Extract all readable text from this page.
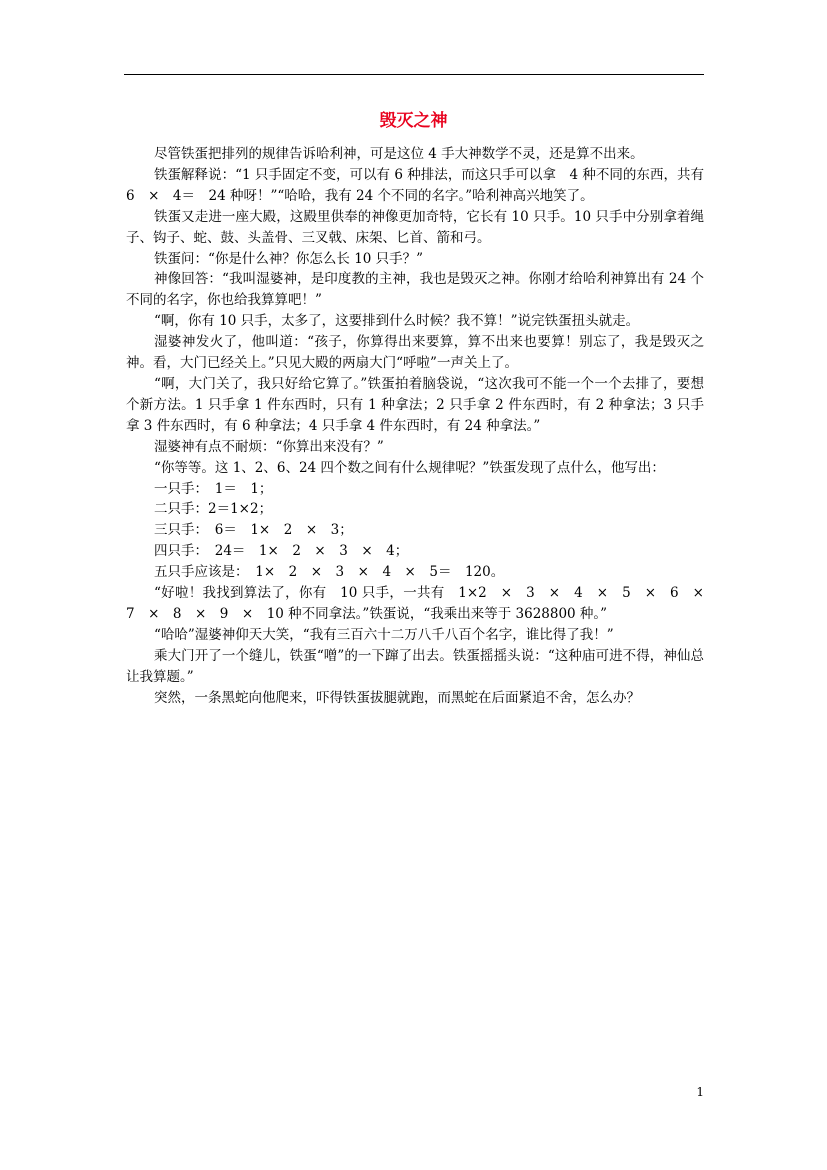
毁灭之神

尽管铁蛋把排列的规律告诉哈利神，可是这位 4 手大神数学不灵，还是算不出来。

铁蛋解释说：“1 只手固定不变，可以有 6 种排法，而这只手可以拿　4 种不同的东西，共有　6　×　4＝　24 种呀！”“哈哈，我有 24 个不同的名字。”哈利神高兴地笑了。

铁蛋又走进一座大殿，这殿里供奉的神像更加奇特，它长有 10 只手。10 只手中分别拿着绳子、钩子、蛇、鼓、头盖骨、三叉戟、床架、匕首、箭和弓。

铁蛋问：“你是什么神？你怎么长 10 只手？”

神像回答：“我叫湿婆神，是印度教的主神，我也是毁灭之神。你刚才给哈利神算出有 24 个不同的名字，你也给我算算吧！”

“啊，你有 10 只手，太多了，这要排到什么时候？我不算！”说完铁蛋扭头就走。

湿婆神发火了，他叫道：“孩子，你算得出来要算，算不出来也要算！别忘了，我是毁灭之神。看，大门已经关上。”只见大殿的两扇大门“呼啦”一声关上了。

“啊，大门关了，我只好给它算了。”铁蛋拍着脑袋说，“这次我可不能一个一个去排了，要想个新方法。1 只手拿 1 件东西时，只有 1 种拿法；2 只手拿 2 件东西时，有 2 种拿法；3 只手拿 3 件东西时，有 6 种拿法；4 只手拿 4 件东西时，有 24 种拿法。”

湿婆神有点不耐烦：“你算出来没有？”

“你等等。这 1、2、6、24 四个数之间有什么规律呢？”铁蛋发现了点什么，他写出：

一只手：　1＝　1；

二只手：2＝1×2；

三只手：　6＝　1×　2　×　3；

四只手：　24＝　1×　2　×　3　×　4；

五只手应该是：　1×　2　×　3　×　4　×　5＝　120。

“好啦！我找到算法了，你有　10 只手，一共有　1×2　×　3　×　4　×　5　×　6　×　7　×　8　×　9　×　10 种不同拿法。”铁蛋说，“我乘出来等于 3628800 种。”

“哈哈”湿婆神仰天大笑，“我有三百六十二万八千八百个名字，谁比得了我！”

乘大门开了一个缝儿，铁蛋“噌”的一下蹿了出去。铁蛋摇摇头说：“这种庙可进不得，神仙总让我算题。”

突然，一条黑蛇向他爬来，吓得铁蛋拔腿就跑，而黑蛇在后面紧追不舍，怎么办？

1
